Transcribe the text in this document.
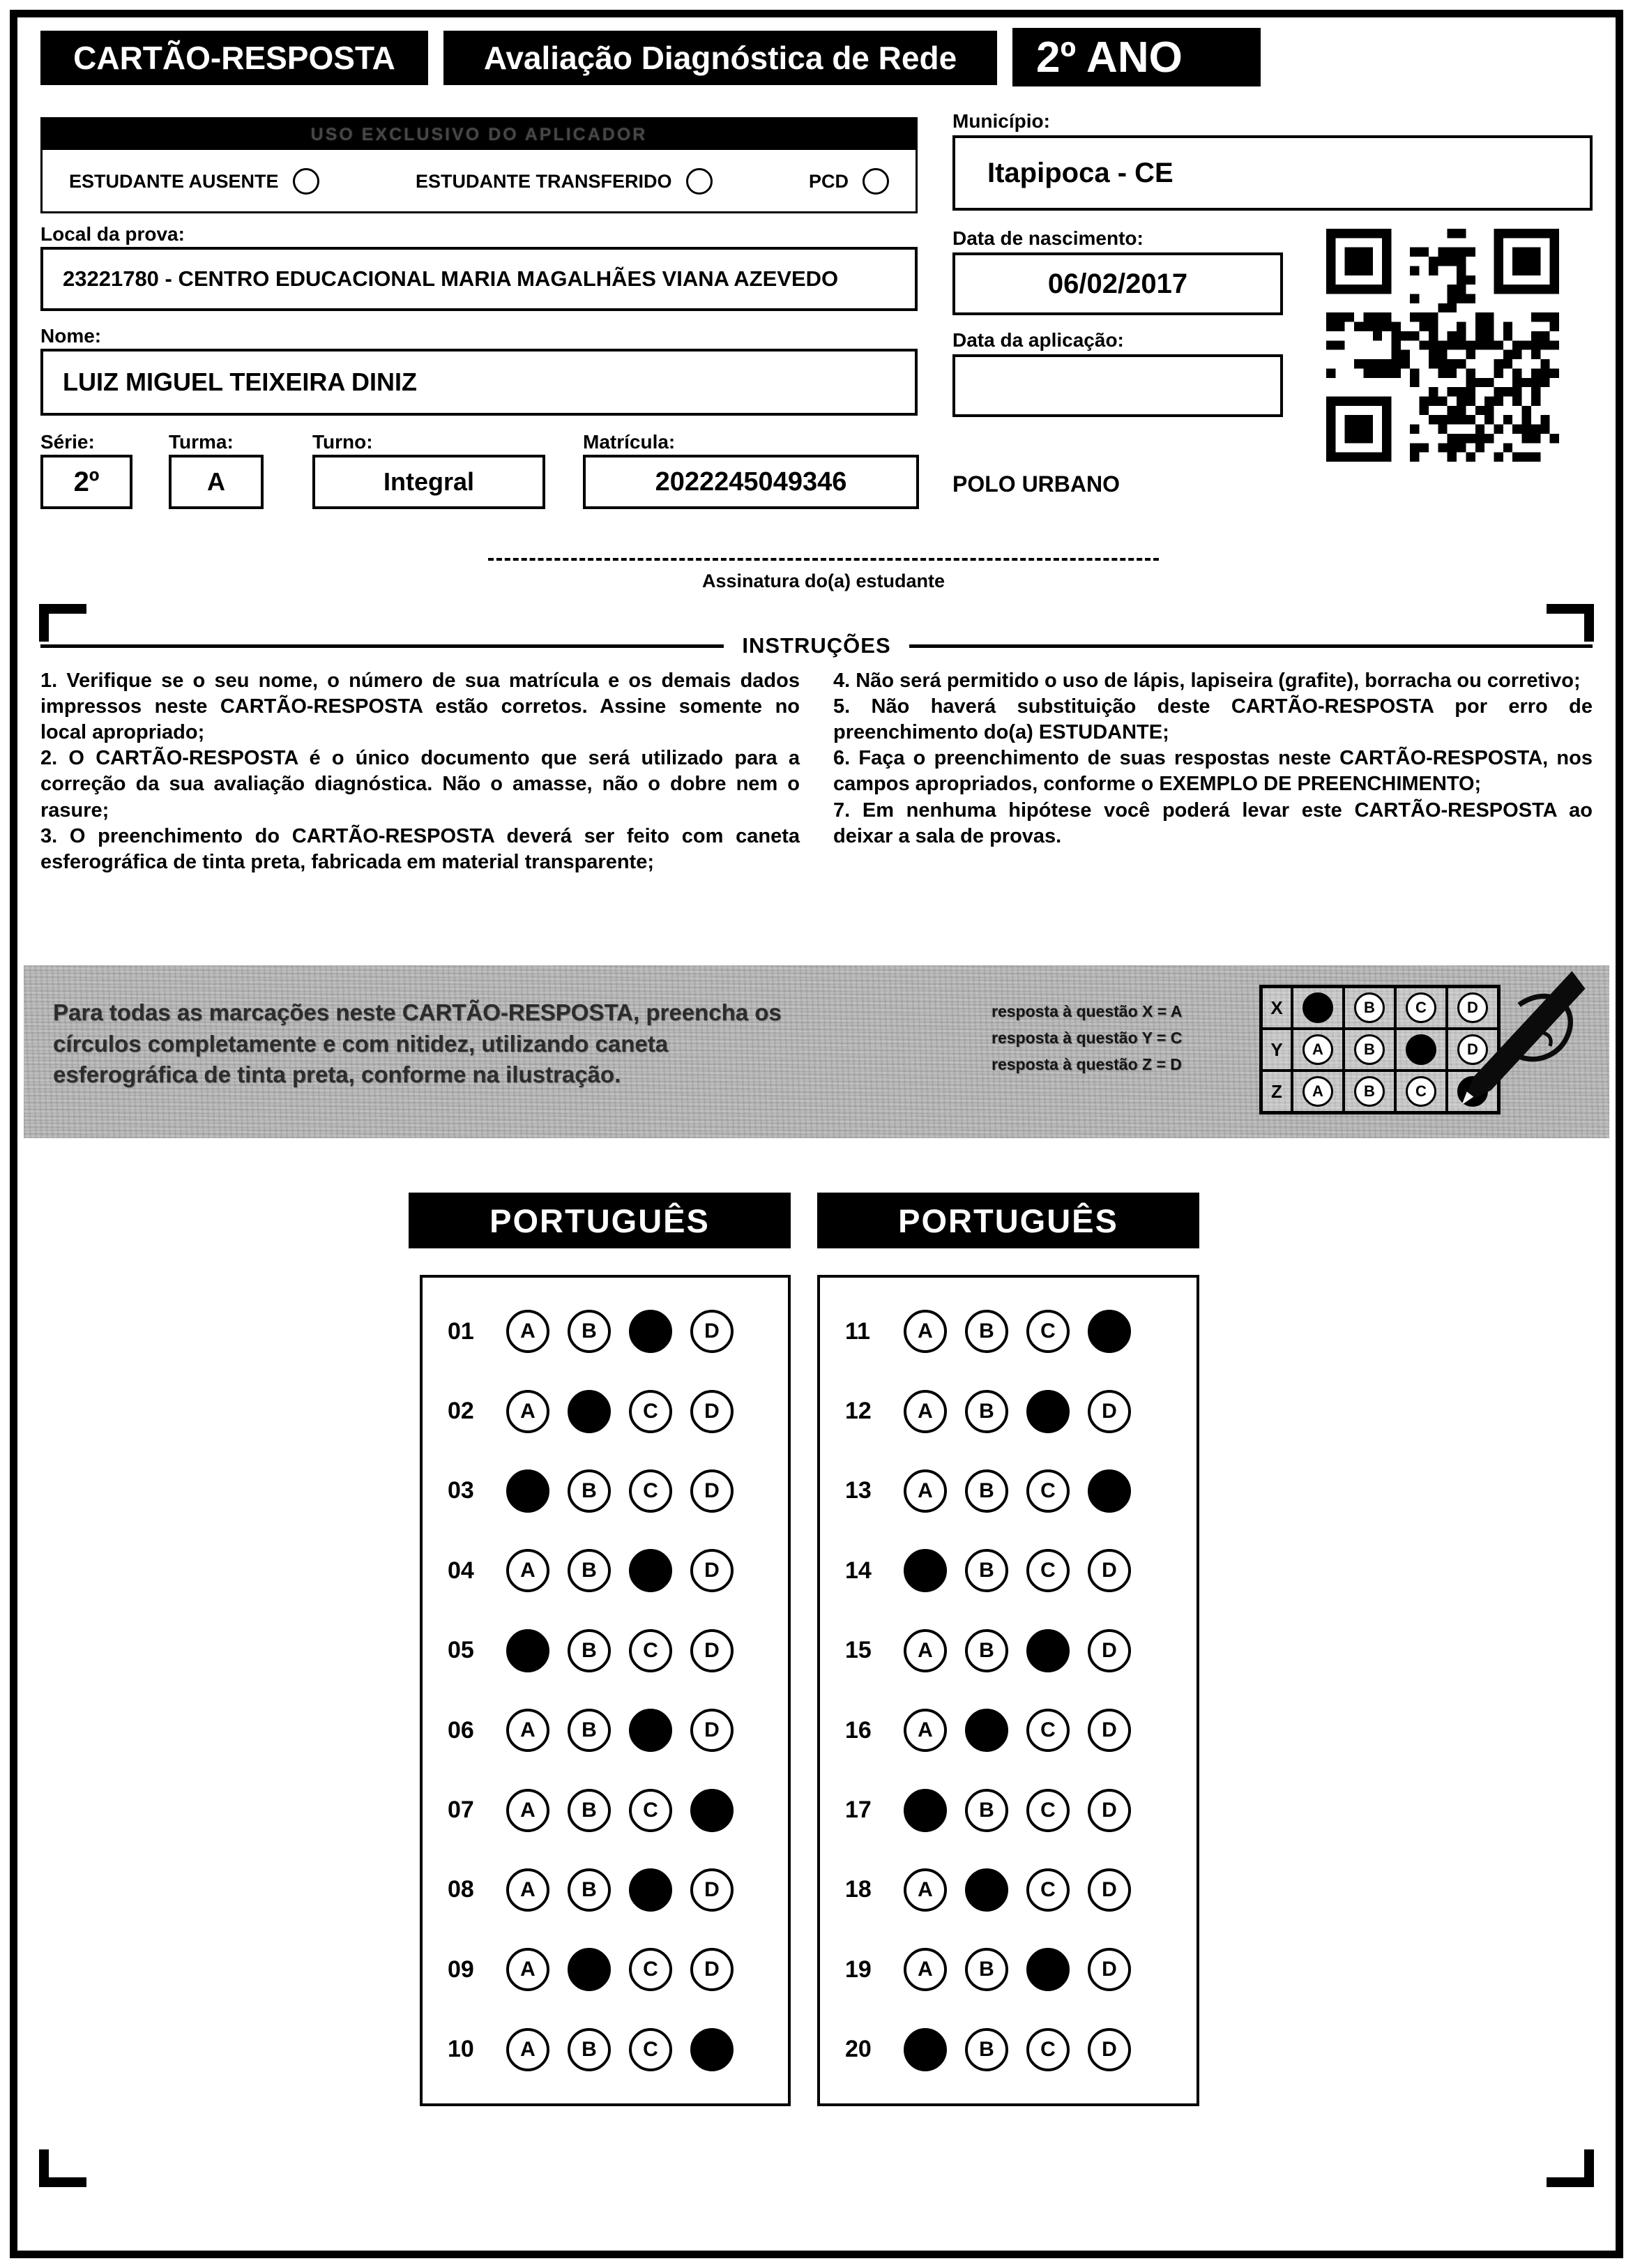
CARTÃO-RESPOSTA	Avaliação Diagnóstica de Rede	2º ANO
USO EXCLUSIVO DO APLICADOR
ESTUDANTE AUSENTE	ESTUDANTE TRANSFERIDO	PCD
Local da prova:
23221780 - CENTRO EDUCACIONAL MARIA MAGALHÃES VIANA AZEVEDO
Nome:
LUIZ MIGUEL TEIXEIRA DINIZ
Série:
2º
Turma:
A
Turno:
Integral
Matrícula:
2022245049346
Município:
Itapipoca - CE
Data de nascimento:
06/02/2017
Data da aplicação:
POLO URBANO
Assinatura do(a) estudante
INSTRUÇÕES

1. Verifique se o seu nome, o número de sua matrícula e os demais dados impressos neste CARTÃO-RESPOSTA estão corretos. Assine somente no local apropriado;

2. O CARTÃO-RESPOSTA é o único documento que será utilizado para a correção da sua avaliação diagnóstica. Não o amasse, não o dobre nem o rasure;

3. O preenchimento do CARTÃO-RESPOSTA deverá ser feito com caneta esferográfica de tinta preta, fabricada em material transparente;

4. Não será permitido o uso de lápis, lapiseira (grafite), borracha ou corretivo;

5. Não haverá substituição deste CARTÃO-RESPOSTA por erro de preenchimento do(a) ESTUDANTE;

6. Faça o preenchimento de suas respostas neste CARTÃO-RESPOSTA, nos campos apropriados, conforme o EXEMPLO DE PREENCHIMENTO;

7. Em nenhuma hipótese você poderá levar este CARTÃO-RESPOSTA ao deixar a sala de provas.

Para todas as marcações neste CARTÃO-RESPOSTA, preencha os círculos completamente e com nitidez, utilizando caneta esferográfica de tinta preta, conforme na ilustração.
resposta à questão X = A
resposta à questão Y = C
resposta à questão Z = D
X	A	B	C	D
Y	A	B	C	D
Z	A	B	C
PORTUGUÊS	PORTUGUÊS
01	A	B	C	D
02	A	B	C	D
03	A	B	C	D
04	A	B	C	D
05	A	B	C	D
06	A	B	C	D
07	A	B	C	D
08	A	B	C	D
09	A	B	C	D
10	A	B	C	D
11	A	B	C	D
12	A	B	C	D
13	A	B	C	D
14	A	B	C	D
15	A	B	C	D
16	A	B	C	D
17	A	B	C	D
18	A	B	C	D
19	A	B	C	D
20	A	B	C	D
